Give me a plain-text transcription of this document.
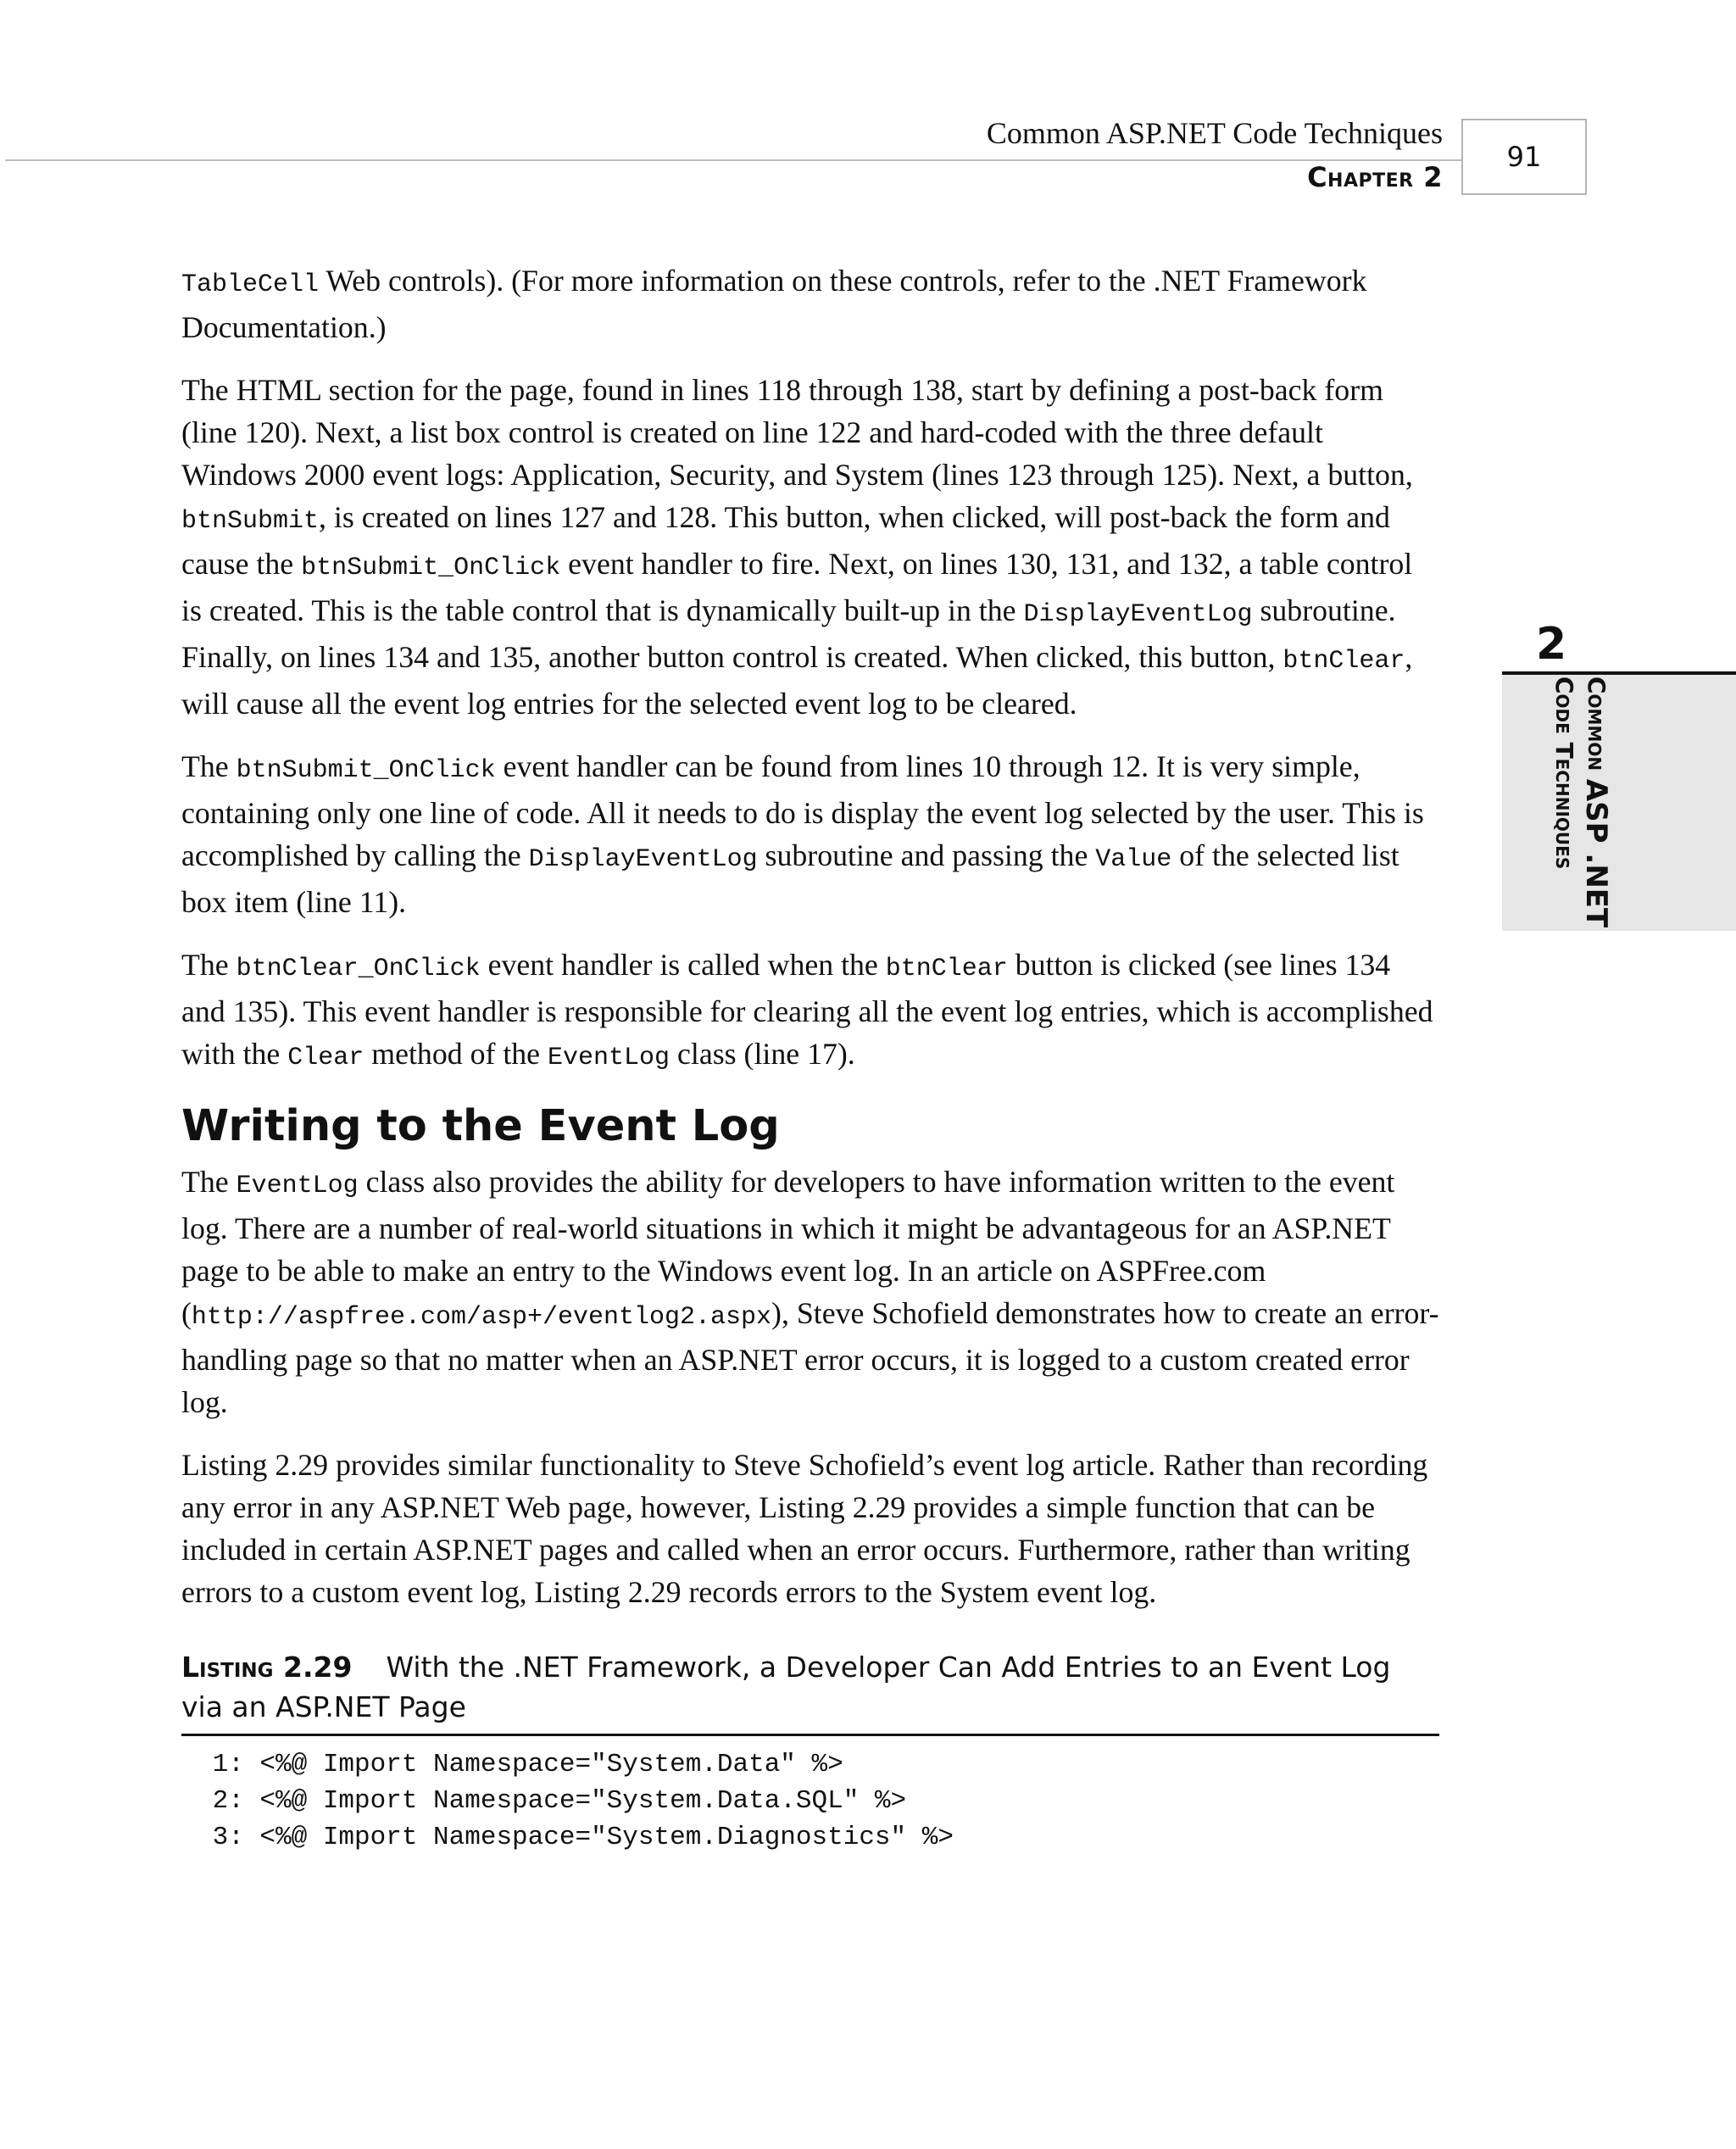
Common ASP.NET Code Techniques
Chapter 2
91
2
Common ASP .NET
Code Techniques

TableCell Web controls). (For more information on these controls, refer to the .NET Framework Documentation.)

The HTML section for the page, found in lines 118 through 138, start by defining a post-back form (line 120). Next, a list box control is created on line 122 and hard-coded with the three default Windows 2000 event logs: Application, Security, and System (lines 123 through 125). Next, a button, btnSubmit, is created on lines 127 and 128. This button, when clicked, will post-back the form and cause the btnSubmit_OnClick event handler to fire. Next, on lines 130, 131, and 132, a table control is created. This is the table control that is dynamically built-up in the DisplayEventLog subroutine. Finally, on lines 134 and 135, another button control is created. When clicked, this button, btnClear, will cause all the event log entries for the selected event log to be cleared.

The btnSubmit_OnClick event handler can be found from lines 10 through 12. It is very simple, containing only one line of code. All it needs to do is display the event log selected by the user. This is accomplished by calling the DisplayEventLog subroutine and passing the Value of the selected list box item (line 11).

The btnClear_OnClick event handler is called when the btnClear button is clicked (see lines 134 and 135). This event handler is responsible for clearing all the event log entries, which is accomplished with the Clear method of the EventLog class (line 17).

Writing to the Event Log

The EventLog class also provides the ability for developers to have information written to the event log. There are a number of real-world situations in which it might be advantageous for an ASP.NET page to be able to make an entry to the Windows event log. In an article on ASPFree.com (http://aspfree.com/asp+/eventlog2.aspx), Steve Schofield demonstrates how to create an error-handling page so that no matter when an ASP.NET error occurs, it is logged to a custom created error log.

Listing 2.29 provides similar functionality to Steve Schofield’s event log article. Rather than recording any error in any ASP.NET Web page, however, Listing 2.29 provides a simple function that can be included in certain ASP.NET pages and called when an error occurs. Furthermore, rather than writing errors to a custom event log, Listing 2.29 records errors to the System event log.

Listing 2.29 With the .NET Framework, a Developer Can Add Entries to an Event Log via an ASP.NET Page
1: <%@ Import Namespace="System.Data" %>
2: <%@ Import Namespace="System.Data.SQL" %>
3: <%@ Import Namespace="System.Diagnostics" %>
